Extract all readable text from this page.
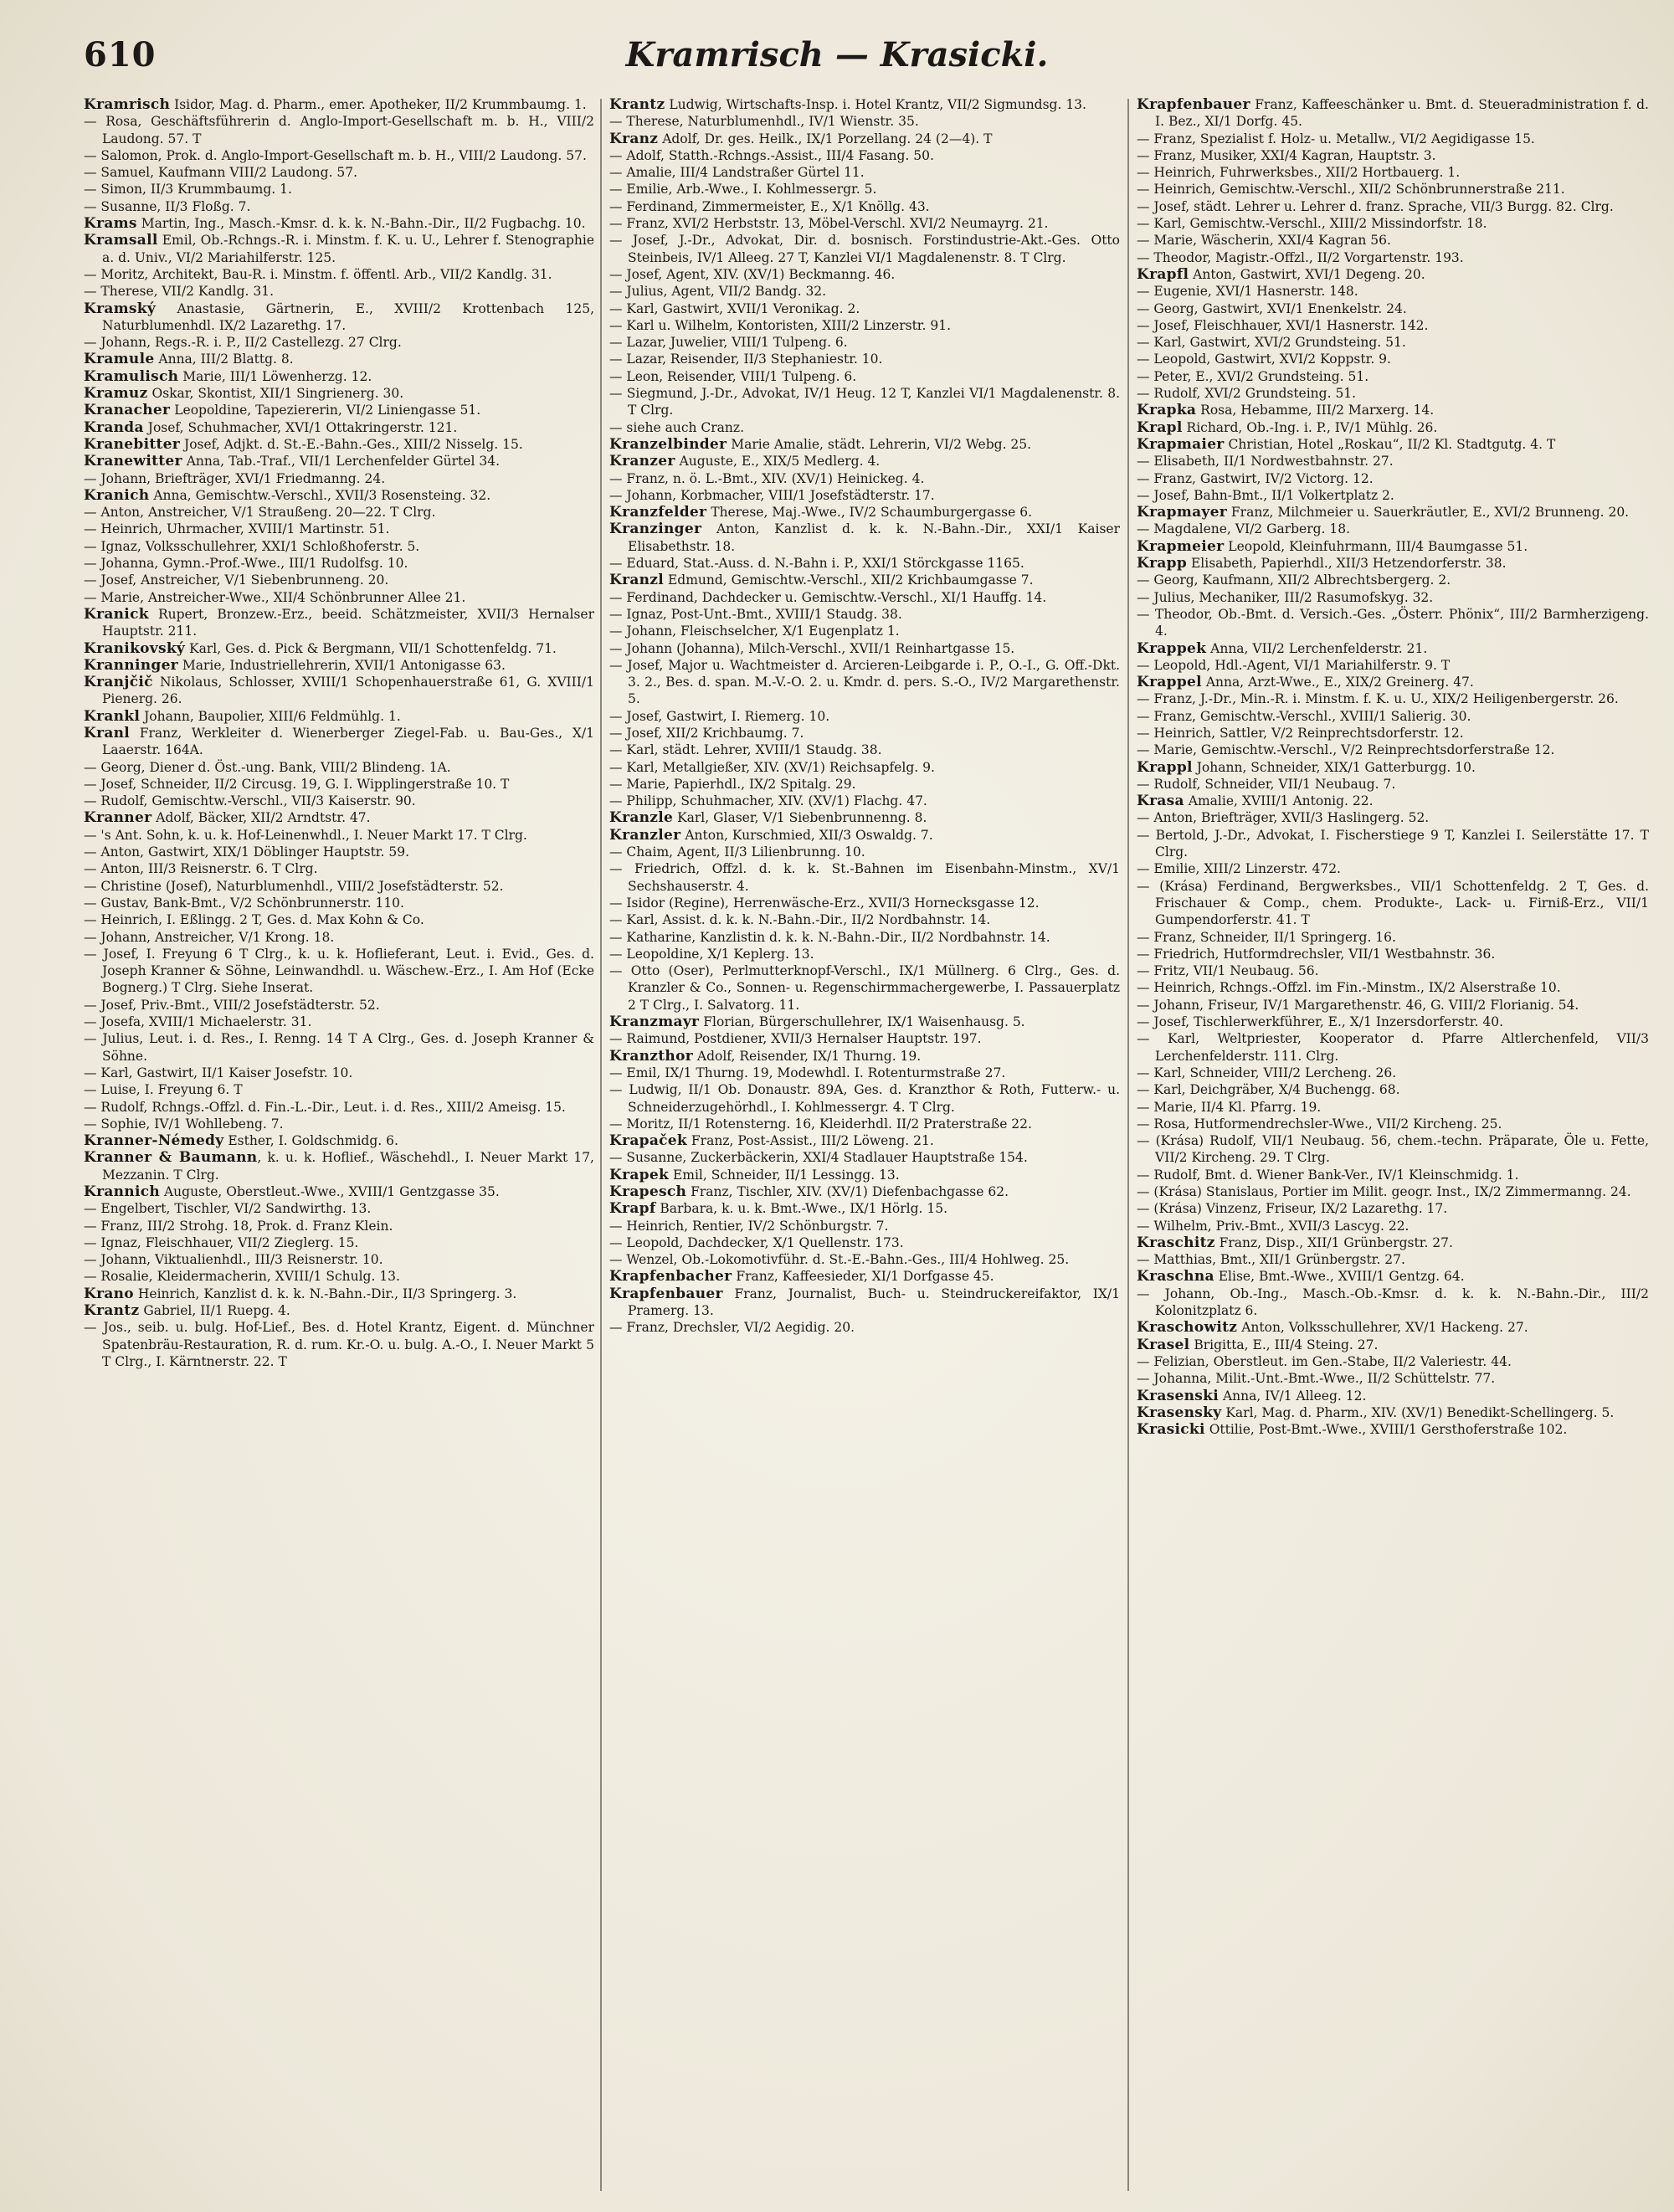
610	Kramrisch — Krasicki.

Kramrisch Isidor, Mag. d. Pharm., emer. Apotheker, II/2 Krummbaumg. 1.

— Rosa, Geschäftsführerin d. Anglo-Import-Gesellschaft m. b. H., VIII/2 Laudong. 57. T

— Salomon, Prok. d. Anglo-Import-Gesellschaft m. b. H., VIII/2 Laudong. 57.

— Samuel, Kaufmann VIII/2 Laudong. 57.

— Simon, II/3 Krummbaumg. 1.

— Susanne, II/3 Floßg. 7.

Krams Martin, Ing., Masch.-Kmsr. d. k. k. N.-Bahn.-Dir., II/2 Fugbachg. 10.

Kramsall Emil, Ob.-Rchngs.-R. i. Minstm. f. K. u. U., Lehrer f. Stenographie a. d. Univ., VI/2 Mariahilferstr. 125.

— Moritz, Architekt, Bau-R. i. Minstm. f. öffentl. Arb., VII/2 Kandlg. 31.

— Therese, VII/2 Kandlg. 31.

Kramský Anastasie, Gärtnerin, E., XVIII/2 Krottenbach 125, Naturblumenhdl. IX/2 Lazarethg. 17.

— Johann, Regs.-R. i. P., II/2 Castellezg. 27 Clrg.

Kramule Anna, III/2 Blattg. 8.

Kramulisch Marie, III/1 Löwenherzg. 12.

Kramuz Oskar, Skontist, XII/1 Singrienerg. 30.

Kranacher Leopoldine, Tapeziererin, VI/2 Liniengasse 51.

Kranda Josef, Schuhmacher, XVI/1 Ottakringerstr. 121.

Kranebitter Josef, Adjkt. d. St.-E.-Bahn.-Ges., XIII/2 Nisselg. 15.

Kranewitter Anna, Tab.-Traf., VII/1 Lerchenfelder Gürtel 34.

— Johann, Briefträger, XVI/1 Friedmanng. 24.

Kranich Anna, Gemischtw.-Verschl., XVII/3 Rosensteing. 32.

— Anton, Anstreicher, V/1 Straußeng. 20—22. T Clrg.

— Heinrich, Uhrmacher, XVIII/1 Martinstr. 51.

— Ignaz, Volksschullehrer, XXI/1 Schloßhoferstr. 5.

— Johanna, Gymn.-Prof.-Wwe., III/1 Rudolfsg. 10.

— Josef, Anstreicher, V/1 Siebenbrunneng. 20.

— Marie, Anstreicher-Wwe., XII/4 Schönbrunner Allee 21.

Kranick Rupert, Bronzew.-Erz., beeid. Schätzmeister, XVII/3 Hernalser Hauptstr. 211.

Kranikovský Karl, Ges. d. Pick & Bergmann, VII/1 Schottenfeldg. 71.

Kranninger Marie, Industriellehrerin, XVII/1 Antonigasse 63.

Kranjčič Nikolaus, Schlosser, XVIII/1 Schopenhauerstraße 61, G. XVIII/1 Pienerg. 26.

Krankl Johann, Baupolier, XIII/6 Feldmühlg. 1.

Kranl Franz, Werkleiter d. Wienerberger Ziegel-Fab. u. Bau-Ges., X/1 Laaerstr. 164A.

— Georg, Diener d. Öst.-ung. Bank, VIII/2 Blindeng. 1A.

— Josef, Schneider, II/2 Circusg. 19, G. I. Wipplingerstraße 10. T

— Rudolf, Gemischtw.-Verschl., VII/3 Kaiserstr. 90.

Kranner Adolf, Bäcker, XII/2 Arndtstr. 47.

— 's Ant. Sohn, k. u. k. Hof-Leinenwhdl., I. Neuer Markt 17. T Clrg.

— Anton, Gastwirt, XIX/1 Döblinger Hauptstr. 59.

— Anton, III/3 Reisnerstr. 6. T Clrg.

— Christine (Josef), Naturblumenhdl., VIII/2 Josefstädterstr. 52.

— Gustav, Bank-Bmt., V/2 Schönbrunnerstr. 110.

— Heinrich, I. Eßlingg. 2 T, Ges. d. Max Kohn & Co.

— Johann, Anstreicher, V/1 Krong. 18.

— Josef, I. Freyung 6 T Clrg., k. u. k. Hoflieferant, Leut. i. Evid., Ges. d. Joseph Kranner & Söhne, Leinwandhdl. u. Wäschew.-Erz., I. Am Hof (Ecke Bognerg.) T Clrg. Siehe Inserat.

— Josef, Priv.-Bmt., VIII/2 Josefstädterstr. 52.

— Josefa, XVIII/1 Michaelerstr. 31.

— Julius, Leut. i. d. Res., I. Renng. 14 T A Clrg., Ges. d. Joseph Kranner & Söhne.

— Karl, Gastwirt, II/1 Kaiser Josefstr. 10.

— Luise, I. Freyung 6. T

— Rudolf, Rchngs.-Offzl. d. Fin.-L.-Dir., Leut. i. d. Res., XIII/2 Ameisg. 15.

— Sophie, IV/1 Wohllebeng. 7.

Kranner-Némedy Esther, I. Goldschmidg. 6.

Kranner & Baumann, k. u. k. Hoflief., Wäschehdl., I. Neuer Markt 17, Mezzanin. T Clrg.

Krannich Auguste, Oberstleut.-Wwe., XVIII/1 Gentzgasse 35.

— Engelbert, Tischler, VI/2 Sandwirthg. 13.

— Franz, III/2 Strohg. 18, Prok. d. Franz Klein.

— Ignaz, Fleischhauer, VII/2 Zieglerg. 15.

— Johann, Viktualienhdl., III/3 Reisnerstr. 10.

— Rosalie, Kleidermacherin, XVIII/1 Schulg. 13.

Krano Heinrich, Kanzlist d. k. k. N.-Bahn.-Dir., II/3 Springerg. 3.

Krantz Gabriel, II/1 Ruepg. 4.

— Jos., seib. u. bulg. Hof-Lief., Bes. d. Hotel Krantz, Eigent. d. Münchner Spatenbräu-Restauration, R. d. rum. Kr.-O. u. bulg. A.-O., I. Neuer Markt 5 T Clrg., I. Kärntnerstr. 22. T

Krantz Ludwig, Wirtschafts-Insp. i. Hotel Krantz, VII/2 Sigmundsg. 13.

— Therese, Naturblumenhdl., IV/1 Wienstr. 35.

Kranz Adolf, Dr. ges. Heilk., IX/1 Porzellang. 24 (2—4). T

— Adolf, Statth.-Rchngs.-Assist., III/4 Fasang. 50.

— Amalie, III/4 Landstraßer Gürtel 11.

— Emilie, Arb.-Wwe., I. Kohlmessergr. 5.

— Ferdinand, Zimmermeister, E., X/1 Knöllg. 43.

— Franz, XVI/2 Herbststr. 13, Möbel-Verschl. XVI/2 Neumayrg. 21.

— Josef, J.-Dr., Advokat, Dir. d. bosnisch. Forstindustrie-Akt.-Ges. Otto Steinbeis, IV/1 Alleeg. 27 T, Kanzlei VI/1 Magdalenenstr. 8. T Clrg.

— Josef, Agent, XIV. (XV/1) Beckmanng. 46.

— Julius, Agent, VII/2 Bandg. 32.

— Karl, Gastwirt, XVII/1 Veronikag. 2.

— Karl u. Wilhelm, Kontoristen, XIII/2 Linzerstr. 91.

— Lazar, Juwelier, VIII/1 Tulpeng. 6.

— Lazar, Reisender, II/3 Stephaniestr. 10.

— Leon, Reisender, VIII/1 Tulpeng. 6.

— Siegmund, J.-Dr., Advokat, IV/1 Heug. 12 T, Kanzlei VI/1 Magdalenenstr. 8. T Clrg.

— siehe auch Cranz.

Kranzelbinder Marie Amalie, städt. Lehrerin, VI/2 Webg. 25.

Kranzer Auguste, E., XIX/5 Medlerg. 4.

— Franz, n. ö. L.-Bmt., XIV. (XV/1) Heinickeg. 4.

— Johann, Korbmacher, VIII/1 Josefstädterstr. 17.

Kranzfelder Therese, Maj.-Wwe., IV/2 Schaumburgergasse 6.

Kranzinger Anton, Kanzlist d. k. k. N.-Bahn.-Dir., XXI/1 Kaiser Elisabethstr. 18.

— Eduard, Stat.-Auss. d. N.-Bahn i. P., XXI/1 Störckgasse 1165.

Kranzl Edmund, Gemischtw.-Verschl., XII/2 Krichbaumgasse 7.

— Ferdinand, Dachdecker u. Gemischtw.-Verschl., XI/1 Hauffg. 14.

— Ignaz, Post-Unt.-Bmt., XVIII/1 Staudg. 38.

— Johann, Fleischselcher, X/1 Eugenplatz 1.

— Johann (Johanna), Milch-Verschl., XVII/1 Reinhartgasse 15.

— Josef, Major u. Wachtmeister d. Arcieren-Leibgarde i. P., O.-I., G. Off.-Dkt. 3. 2., Bes. d. span. M.-V.-O. 2. u. Kmdr. d. pers. S.-O., IV/2 Margarethenstr. 5.

— Josef, Gastwirt, I. Riemerg. 10.

— Josef, XII/2 Krichbaumg. 7.

— Karl, städt. Lehrer, XVIII/1 Staudg. 38.

— Karl, Metallgießer, XIV. (XV/1) Reichsapfelg. 9.

— Marie, Papierhdl., IX/2 Spitalg. 29.

— Philipp, Schuhmacher, XIV. (XV/1) Flachg. 47.

Kranzle Karl, Glaser, V/1 Siebenbrunnenng. 8.

Kranzler Anton, Kurschmied, XII/3 Oswaldg. 7.

— Chaim, Agent, II/3 Lilienbrunng. 10.

— Friedrich, Offzl. d. k. k. St.-Bahnen im Eisenbahn-Minstm., XV/1 Sechshauserstr. 4.

— Isidor (Regine), Herrenwäsche-Erz., XVII/3 Hornecksgasse 12.

— Karl, Assist. d. k. k. N.-Bahn.-Dir., II/2 Nordbahnstr. 14.

— Katharine, Kanzlistin d. k. k. N.-Bahn.-Dir., II/2 Nordbahnstr. 14.

— Leopoldine, X/1 Keplerg. 13.

— Otto (Oser), Perlmutterknopf-Verschl., IX/1 Müllnerg. 6 Clrg., Ges. d. Kranzler & Co., Sonnen- u. Regenschirmmachergewerbe, I. Passauerplatz 2 T Clrg., I. Salvatorg. 11.

Kranzmayr Florian, Bürgerschullehrer, IX/1 Waisenhausg. 5.

— Raimund, Postdiener, XVII/3 Hernalser Hauptstr. 197.

Kranzthor Adolf, Reisender, IX/1 Thurng. 19.

— Emil, IX/1 Thurng. 19, Modewhdl. I. Rotenturmstraße 27.

— Ludwig, II/1 Ob. Donaustr. 89A, Ges. d. Kranzthor & Roth, Futterw.- u. Schneiderzugehörhdl., I. Kohlmessergr. 4. T Clrg.

— Moritz, II/1 Rotensterng. 16, Kleiderhdl. II/2 Praterstraße 22.

Krapaček Franz, Post-Assist., III/2 Löweng. 21.

— Susanne, Zuckerbäckerin, XXI/4 Stadlauer Hauptstraße 154.

Krapek Emil, Schneider, II/1 Lessingg. 13.

Krapesch Franz, Tischler, XIV. (XV/1) Diefenbachgasse 62.

Krapf Barbara, k. u. k. Bmt.-Wwe., IX/1 Hörlg. 15.

— Heinrich, Rentier, IV/2 Schönburgstr. 7.

— Leopold, Dachdecker, X/1 Quellenstr. 173.

— Wenzel, Ob.-Lokomotivführ. d. St.-E.-Bahn.-Ges., III/4 Hohlweg. 25.

Krapfenbacher Franz, Kaffeesieder, XI/1 Dorfgasse 45.

Krapfenbauer Franz, Journalist, Buch- u. Steindruckereifaktor, IX/1 Pramerg. 13.

— Franz, Drechsler, VI/2 Aegidig. 20.

Krapfenbauer Franz, Kaffeeschänker u. Bmt. d. Steueradministration f. d. I. Bez., XI/1 Dorfg. 45.

— Franz, Spezialist f. Holz- u. Metallw., VI/2 Aegidigasse 15.

— Franz, Musiker, XXI/4 Kagran, Hauptstr. 3.

— Heinrich, Fuhrwerksbes., XII/2 Hortbauerg. 1.

— Heinrich, Gemischtw.-Verschl., XII/2 Schönbrunnerstraße 211.

— Josef, städt. Lehrer u. Lehrer d. franz. Sprache, VII/3 Burgg. 82. Clrg.

— Karl, Gemischtw.-Verschl., XIII/2 Missindorfstr. 18.

— Marie, Wäscherin, XXI/4 Kagran 56.

— Theodor, Magistr.-Offzl., II/2 Vorgartenstr. 193.

Krapfl Anton, Gastwirt, XVI/1 Degeng. 20.

— Eugenie, XVI/1 Hasnerstr. 148.

— Georg, Gastwirt, XVI/1 Enenkelstr. 24.

— Josef, Fleischhauer, XVI/1 Hasnerstr. 142.

— Karl, Gastwirt, XVI/2 Grundsteing. 51.

— Leopold, Gastwirt, XVI/2 Koppstr. 9.

— Peter, E., XVI/2 Grundsteing. 51.

— Rudolf, XVI/2 Grundsteing. 51.

Krapka Rosa, Hebamme, III/2 Marxerg. 14.

Krapl Richard, Ob.-Ing. i. P., IV/1 Mühlg. 26.

Krapmaier Christian, Hotel „Roskau“, II/2 Kl. Stadtgutg. 4. T

— Elisabeth, II/1 Nordwestbahnstr. 27.

— Franz, Gastwirt, IV/2 Victorg. 12.

— Josef, Bahn-Bmt., II/1 Volkertplatz 2.

Krapmayer Franz, Milchmeier u. Sauerkräutler, E., XVI/2 Brunneng. 20.

— Magdalene, VI/2 Garberg. 18.

Krapmeier Leopold, Kleinfuhrmann, III/4 Baumgasse 51.

Krapp Elisabeth, Papierhdl., XII/3 Hetzendorferstr. 38.

— Georg, Kaufmann, XII/2 Albrechtsbergerg. 2.

— Julius, Mechaniker, III/2 Rasumofskyg. 32.

— Theodor, Ob.-Bmt. d. Versich.-Ges. „Österr. Phönix“, III/2 Barmherzigeng. 4.

Krappek Anna, VII/2 Lerchenfelderstr. 21.

— Leopold, Hdl.-Agent, VI/1 Mariahilferstr. 9. T

Krappel Anna, Arzt-Wwe., E., XIX/2 Greinerg. 47.

— Franz, J.-Dr., Min.-R. i. Minstm. f. K. u. U., XIX/2 Heiligenbergerstr. 26.

— Franz, Gemischtw.-Verschl., XVIII/1 Salierig. 30.

— Heinrich, Sattler, V/2 Reinprechtsdorferstr. 12.

— Marie, Gemischtw.-Verschl., V/2 Reinprechtsdorferstraße 12.

Krappl Johann, Schneider, XIX/1 Gatterburgg. 10.

— Rudolf, Schneider, VII/1 Neubaug. 7.

Krasa Amalie, XVIII/1 Antonig. 22.

— Anton, Briefträger, XVII/3 Haslingerg. 52.

— Bertold, J.-Dr., Advokat, I. Fischerstiege 9 T, Kanzlei I. Seilerstätte 17. T Clrg.

— Emilie, XIII/2 Linzerstr. 472.

— (Krása) Ferdinand, Bergwerksbes., VII/1 Schottenfeldg. 2 T, Ges. d. Frischauer & Comp., chem. Produkte-, Lack- u. Firniß-Erz., VII/1 Gumpendorferstr. 41. T

— Franz, Schneider, II/1 Springerg. 16.

— Friedrich, Hutformdrechsler, VII/1 Westbahnstr. 36.

— Fritz, VII/1 Neubaug. 56.

— Heinrich, Rchngs.-Offzl. im Fin.-Minstm., IX/2 Alserstraße 10.

— Johann, Friseur, IV/1 Margarethenstr. 46, G. VIII/2 Florianig. 54.

— Josef, Tischlerwerkführer, E., X/1 Inzersdorferstr. 40.

— Karl, Weltpriester, Kooperator d. Pfarre Altlerchenfeld, VII/3 Lerchenfelderstr. 111. Clrg.

— Karl, Schneider, VIII/2 Lercheng. 26.

— Karl, Deichgräber, X/4 Buchengg. 68.

— Marie, II/4 Kl. Pfarrg. 19.

— Rosa, Hutformendrechsler-Wwe., VII/2 Kircheng. 25.

— (Krása) Rudolf, VII/1 Neubaug. 56, chem.-techn. Präparate, Öle u. Fette, VII/2 Kircheng. 29. T Clrg.

— Rudolf, Bmt. d. Wiener Bank-Ver., IV/1 Kleinschmidg. 1.

— (Krása) Stanislaus, Portier im Milit. geogr. Inst., IX/2 Zimmermanng. 24.

— (Krása) Vinzenz, Friseur, IX/2 Lazarethg. 17.

— Wilhelm, Priv.-Bmt., XVII/3 Lascyg. 22.

Kraschitz Franz, Disp., XII/1 Grünbergstr. 27.

— Matthias, Bmt., XII/1 Grünbergstr. 27.

Kraschna Elise, Bmt.-Wwe., XVIII/1 Gentzg. 64.

— Johann, Ob.-Ing., Masch.-Ob.-Kmsr. d. k. k. N.-Bahn.-Dir., III/2 Kolonitzplatz 6.

Kraschowitz Anton, Volksschullehrer, XV/1 Hackeng. 27.

Krasel Brigitta, E., III/4 Steing. 27.

— Felizian, Oberstleut. im Gen.-Stabe, II/2 Valeriestr. 44.

— Johanna, Milit.-Unt.-Bmt.-Wwe., II/2 Schüttelstr. 77.

Krasenski Anna, IV/1 Alleeg. 12.

Krasensky Karl, Mag. d. Pharm., XIV. (XV/1) Benedikt-Schellingerg. 5.

Krasicki Ottilie, Post-Bmt.-Wwe., XVIII/1 Gersthoferstraße 102.
